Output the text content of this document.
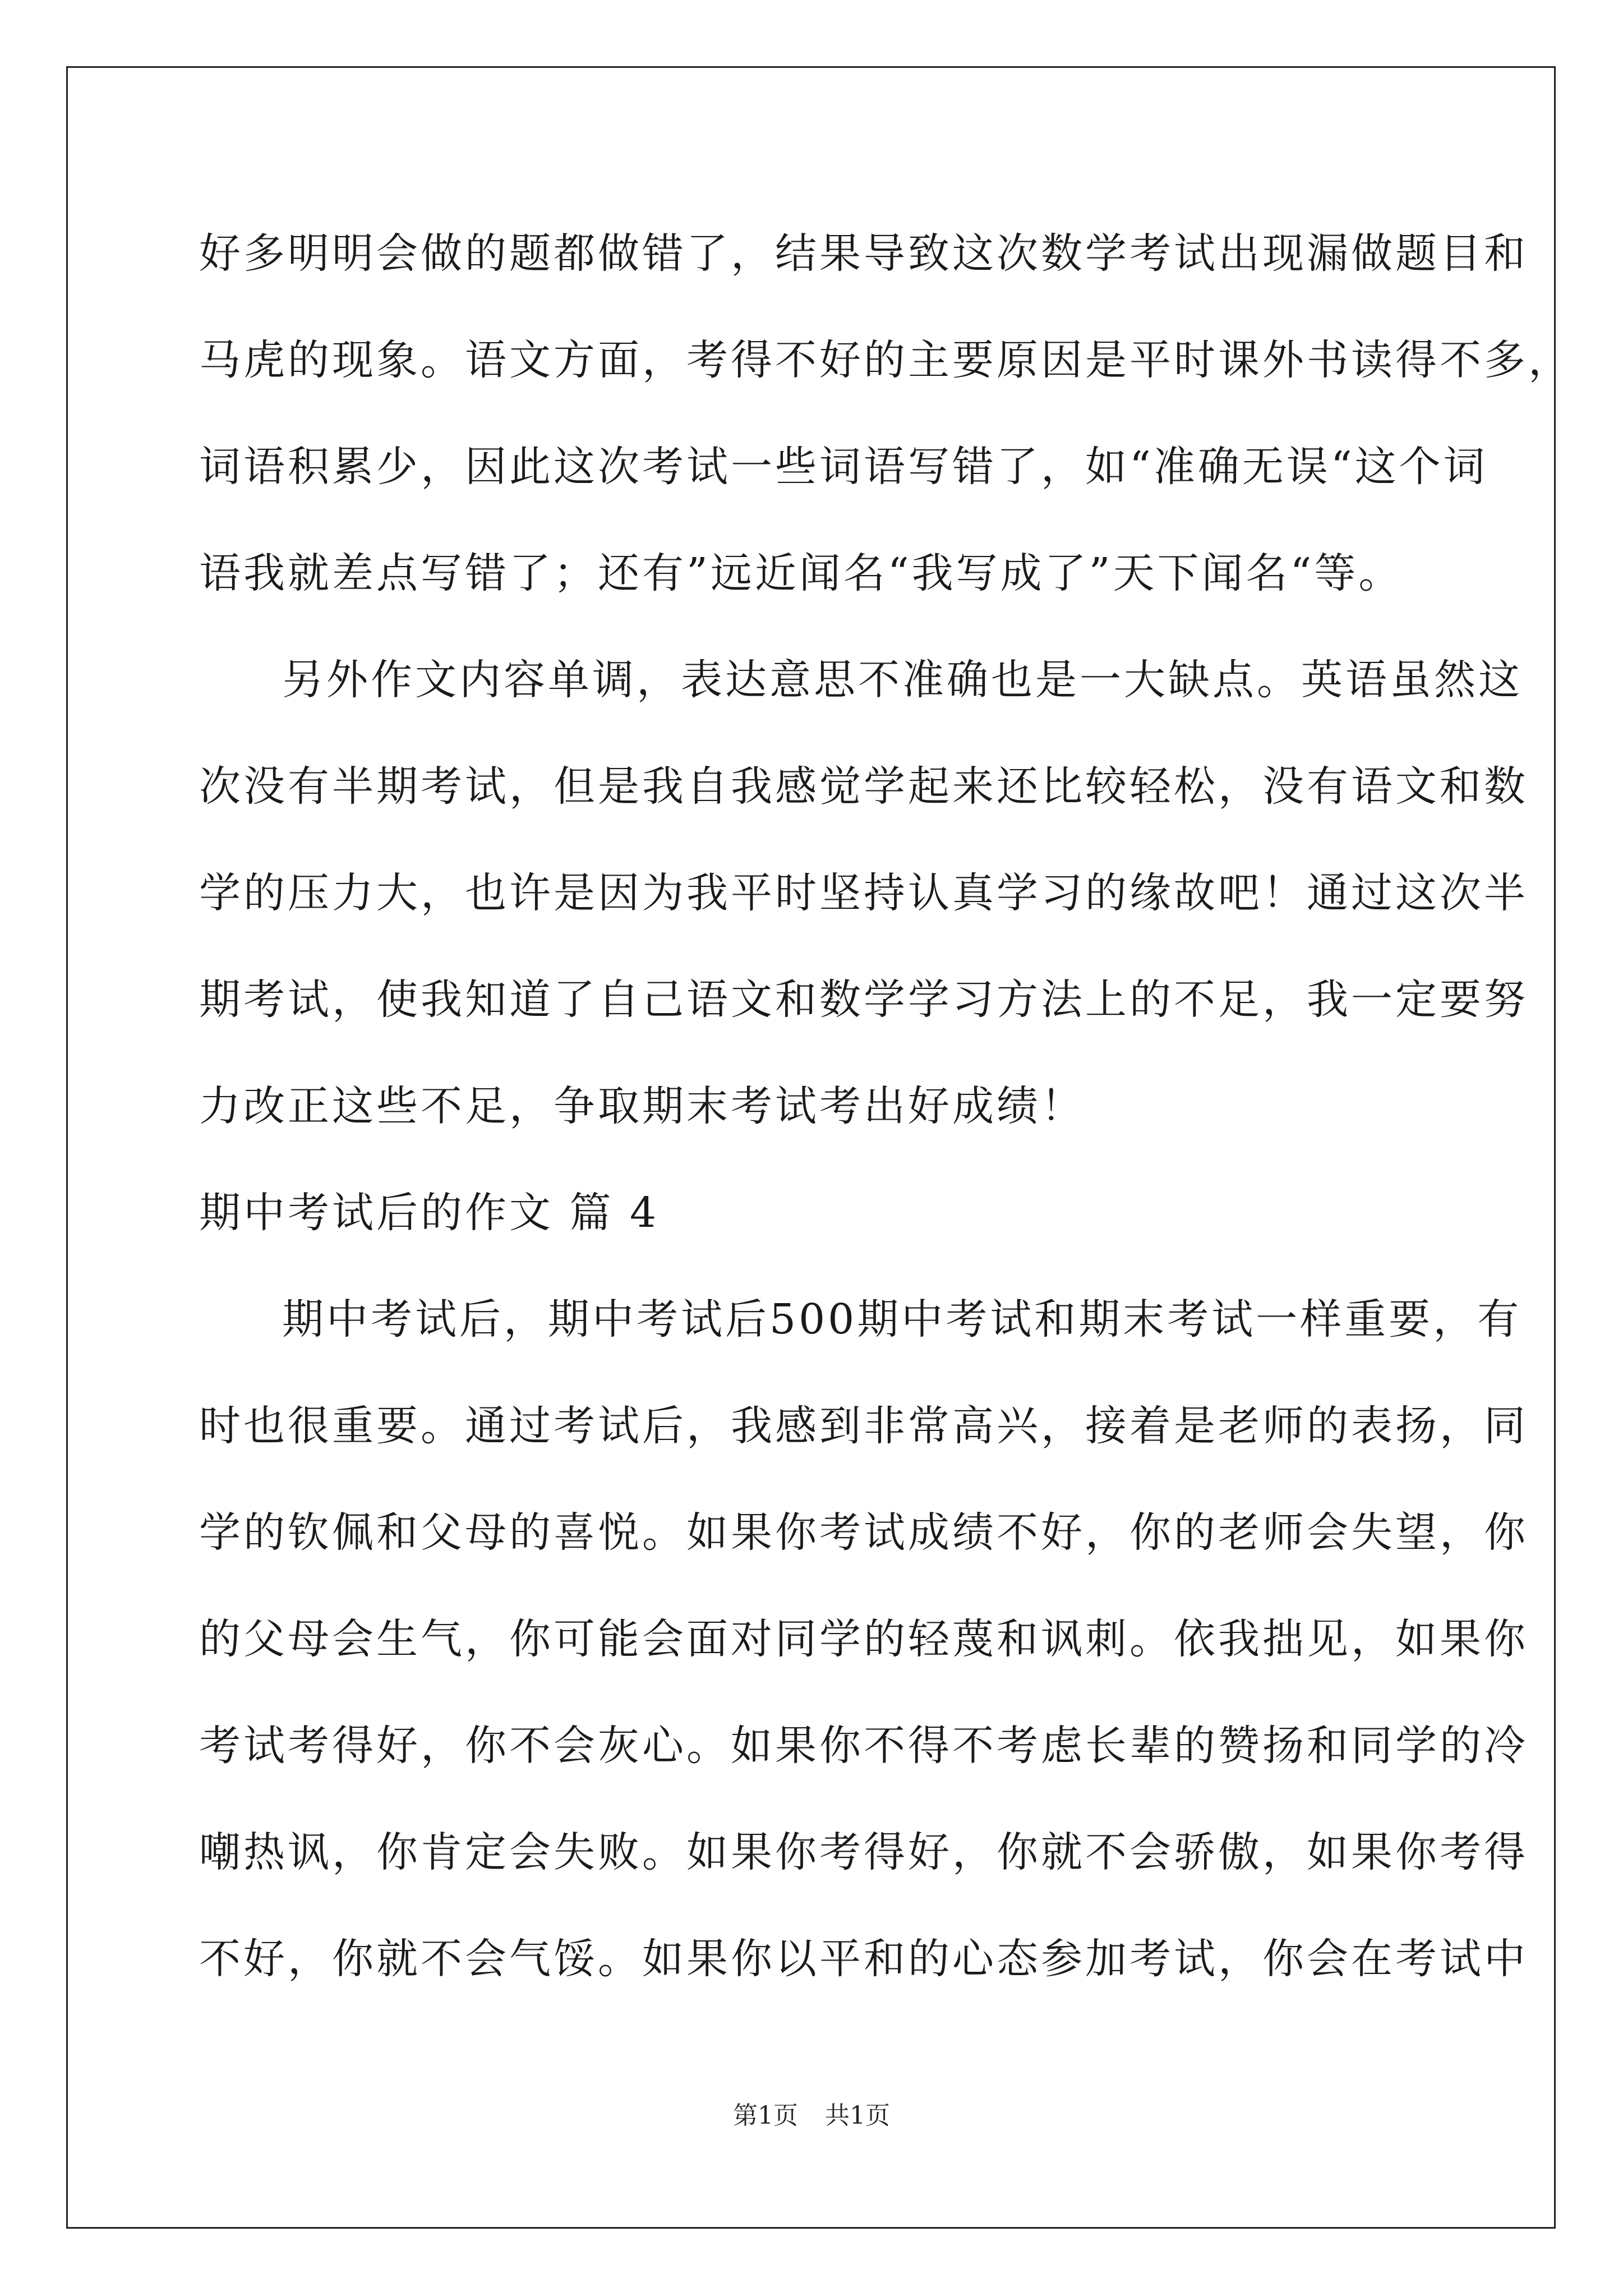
好多明明会做的题都做错了，结果导致这次数学考试出现漏做题目和
马虎的现象。语文方面，考得不好的主要原因是平时课外书读得不多，
词语积累少，因此这次考试一些词语写错了，如“准确无误“这个词
语我就差点写错了；还有”远近闻名“我写成了”天下闻名“等。
另外作文内容单调，表达意思不准确也是一大缺点。英语虽然这
次没有半期考试，但是我自我感觉学起来还比较轻松，没有语文和数
学的压力大，也许是因为我平时坚持认真学习的缘故吧！通过这次半
期考试，使我知道了自己语文和数学学习方法上的不足，我一定要努
力改正这些不足，争取期末考试考出好成绩！
期中考试后的作文 篇 4
期中考试后，期中考试后500期中考试和期末考试一样重要，有
时也很重要。通过考试后，我感到非常高兴，接着是老师的表扬，同
学的钦佩和父母的喜悦。如果你考试成绩不好，你的老师会失望，你
的父母会生气，你可能会面对同学的轻蔑和讽刺。依我拙见，如果你
考试考得好，你不会灰心。如果你不得不考虑长辈的赞扬和同学的冷
嘲热讽，你肯定会失败。如果你考得好，你就不会骄傲，如果你考得
不好，你就不会气馁。如果你以平和的心态参加考试，你会在考试中
第1页 共1页
